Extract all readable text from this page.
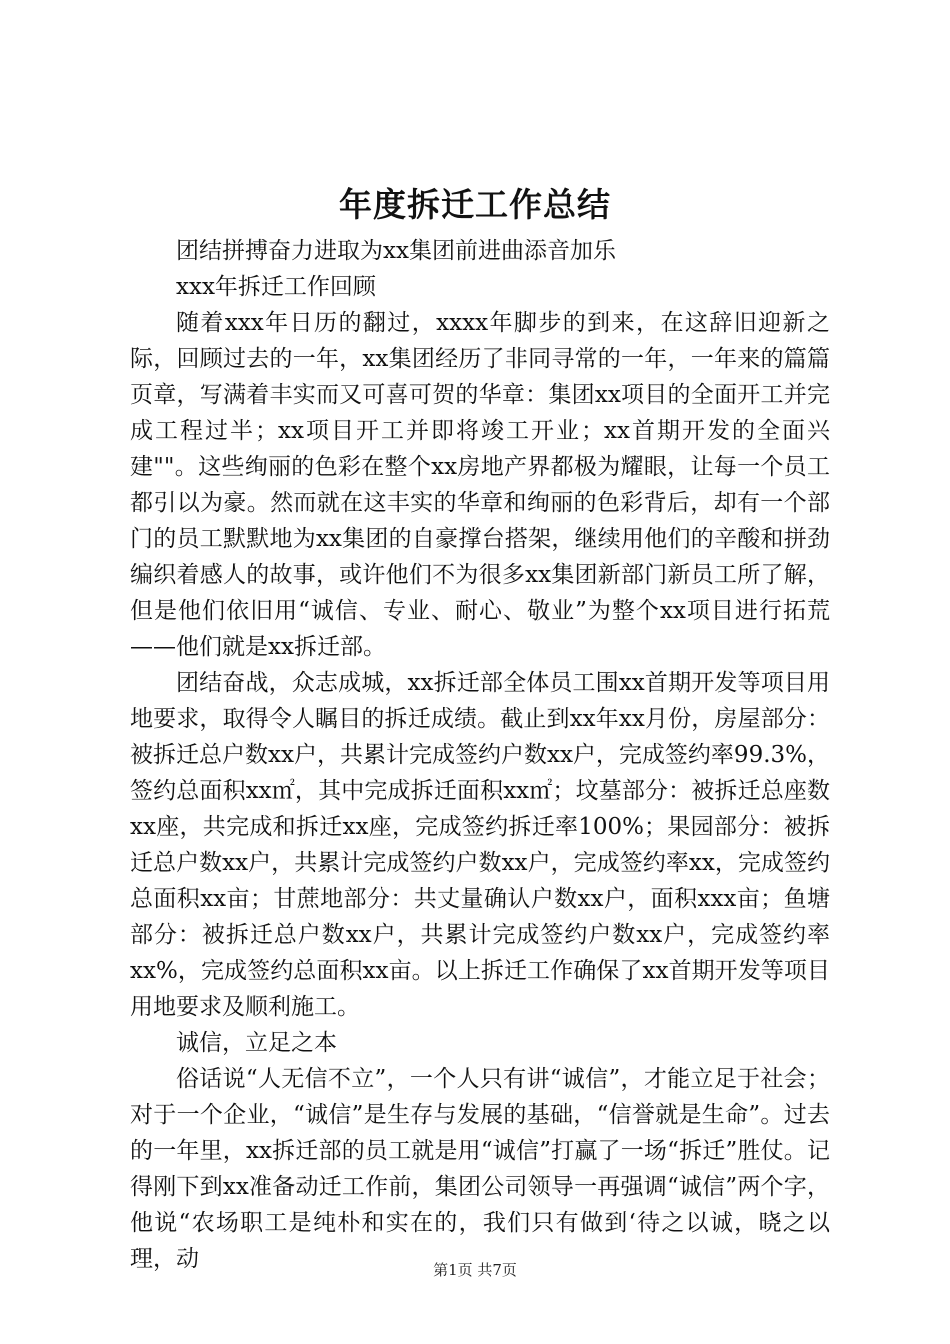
年度拆迁工作总结

团结拼搏奋力进取为xx集团前进曲添音加乐

xxx年拆迁工作回顾

随着xxx年日历的翻过，xxxx年脚步的到来，在这辞旧迎新之际，回顾过去的一年，xx集团经历了非同寻常的一年，一年来的篇篇页章，写满着丰实而又可喜可贺的华章：集团xx项目的全面开工并完成工程过半；xx项目开工并即将竣工开业；xx首期开发的全面兴建""。这些绚丽的色彩在整个xx房地产界都极为耀眼，让每一个员工都引以为豪。然而就在这丰实的华章和绚丽的色彩背后，却有一个部门的员工默默地为xx集团的自豪撑台搭架，继续用他们的辛酸和拼劲编织着感人的故事，或许他们不为很多xx集团新部门新员工所了解，但是他们依旧用“诚信、专业、耐心、敬业”为整个xx项目进行拓荒——他们就是xx拆迁部。

团结奋战，众志成城，xx拆迁部全体员工围xx首期开发等项目用地要求，取得令人瞩目的拆迁成绩。截止到xx年xx月份，房屋部分：被拆迁总户数xx户，共累计完成签约户数xx户，完成签约率99.3%，签约总面积xx㎡，其中完成拆迁面积xx㎡；坟墓部分：被拆迁总座数xx座，共完成和拆迁xx座，完成签约拆迁率100%；果园部分：被拆迁总户数xx户，共累计完成签约户数xx户，完成签约率xx，完成签约总面积xx亩；甘蔗地部分：共丈量确认户数xx户，面积xxx亩；鱼塘部分：被拆迁总户数xx户，共累计完成签约户数xx户，完成签约率xx%，完成签约总面积xx亩。以上拆迁工作确保了xx首期开发等项目用地要求及顺利施工。

诚信，立足之本

俗话说“人无信不立”，一个人只有讲“诚信”，才能立足于社会；对于一个企业，“诚信”是生存与发展的基础，“信誉就是生命”。过去的一年里，xx拆迁部的员工就是用“诚信”打赢了一场“拆迁”胜仗。记得刚下到xx准备动迁工作前，集团公司领导一再强调“诚信”两个字，他说“农场职工是纯朴和实在的，我们只有做到‘待之以诚，晓之以理，动	第1页 共7页
